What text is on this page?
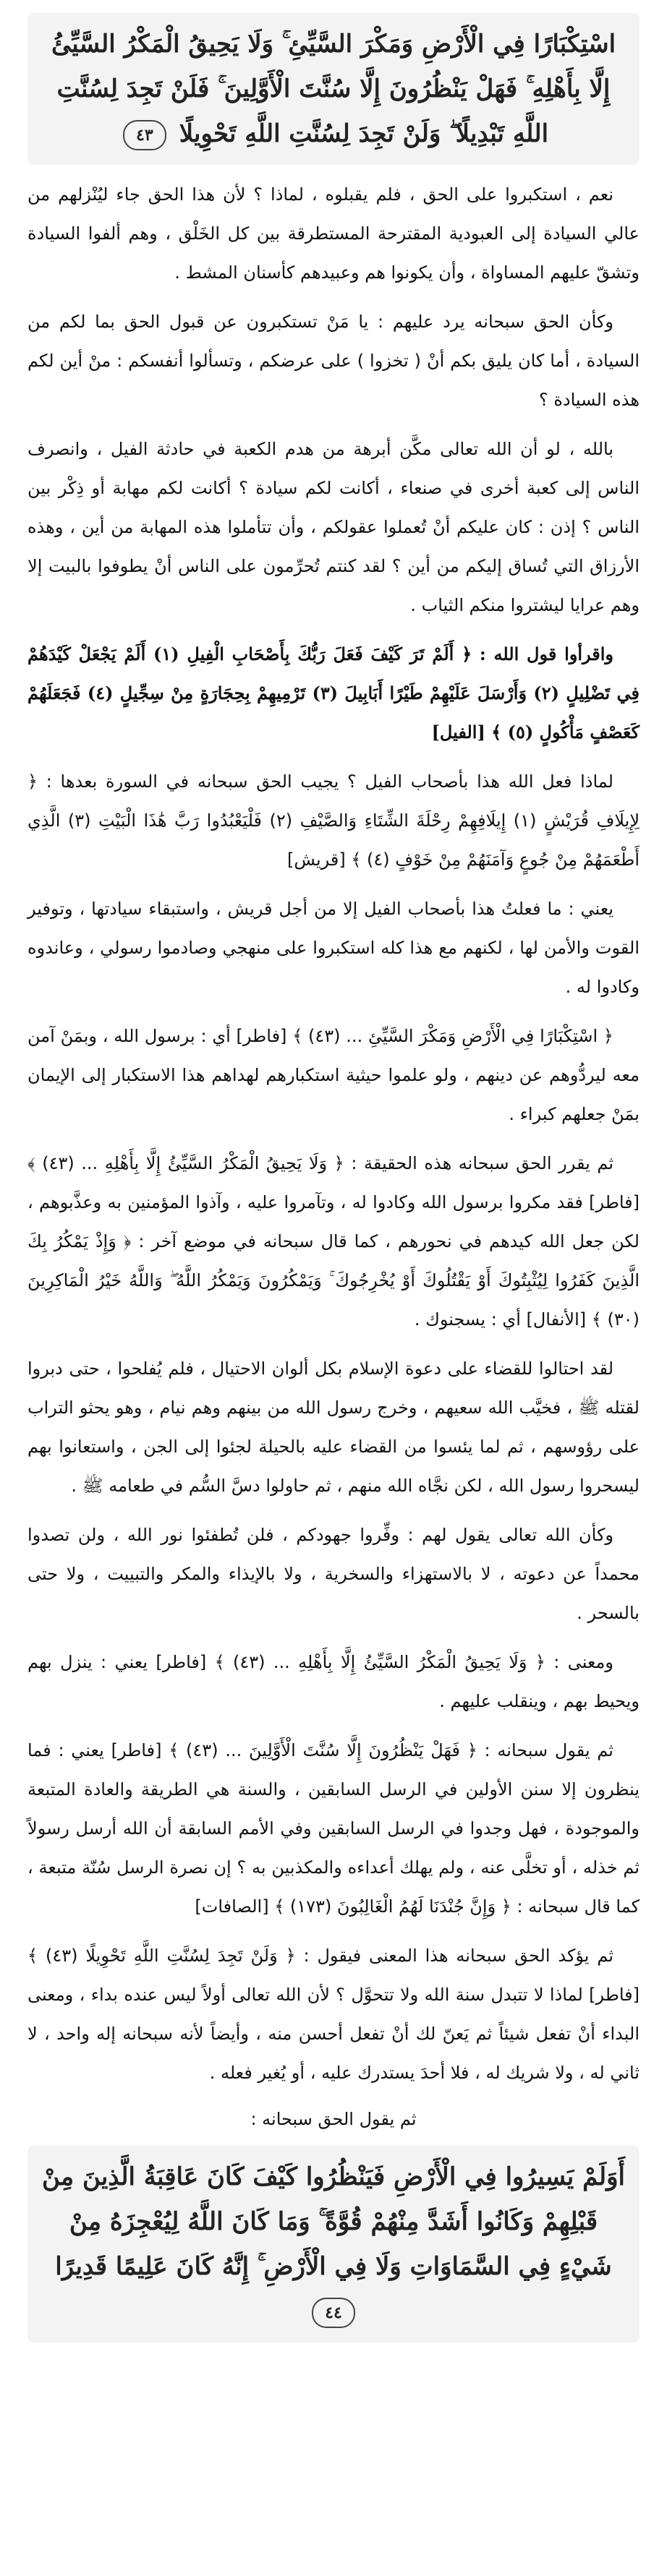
اسْتِكْبَارًا فِي الْأَرْضِ وَمَكْرَ السَّيِّئِ ۚ وَلَا يَحِيقُ الْمَكْرُ السَّيِّئُ إِلَّا بِأَهْلِهِ ۚ فَهَلْ يَنْظُرُونَ إِلَّا سُنَّتَ الْأَوَّلِينَ ۚ فَلَنْ تَجِدَ لِسُنَّتِ اللَّهِ تَبْدِيلًا ۖ وَلَنْ تَجِدَ لِسُنَّتِ اللَّهِ تَحْوِيلًا ٤٣

نعم ، استكبروا على الحق ، فلم يقبلوه ، لماذا ؟ لأن هذا الحق جاء ليُنْزلهم من عالي السيادة إلى العبودية المقترحة المستطرقة بين كل الخَلْق ، وهم ألفوا السيادة وتشقّ عليهم المساواة ، وأن يكونوا هم وعبيدهم كأسنان المشط .

وكأن الحق سبحانه يرد عليهم : يا مَنْ تستكبرون عن قبول الحق بما لكم من السيادة ، أما كان يليق بكم أنْ ( تخزوا ) على عرضكم ، وتسألوا أنفسكم : منْ أين لكم هذه السيادة ؟

بالله ، لو أن الله تعالى مكَّن أبرهة من هدم الكعبة في حادثة الفيل ، وانصرف الناس إلى كعبة أخرى في صنعاء ، أكانت لكم سيادة ؟ أكانت لكم مهابة أو ذِكْر بين الناس ؟ إذن : كان عليكم أنْ تُعملوا عقولكم ، وأن تتأملوا هذه المهابة من أين ، وهذه الأرزاق التي تُساق إليكم من أين ؟ لقد كنتم تُحرِّمون على الناس أنْ يطوفوا بالبيت إلا وهم عرايا ليشتروا منكم الثياب .

واقرأوا قول الله : ﴿ أَلَمْ تَرَ كَيْفَ فَعَلَ رَبُّكَ بِأَصْحَابِ الْفِيلِ (١) أَلَمْ يَجْعَلْ كَيْدَهُمْ فِي تَضْلِيلٍ (٢) وَأَرْسَلَ عَلَيْهِمْ طَيْرًا أَبَابِيلَ (٣) تَرْمِيهِمْ بِحِجَارَةٍ مِنْ سِجِّيلٍ (٤) فَجَعَلَهُمْ كَعَصْفٍ مَأْكُولٍ (٥) ﴾ [الفيل]

لماذا فعل الله هذا بأصحاب الفيل ؟ يجيب الحق سبحانه في السورة بعدها : ﴿ لِإِيلَافِ قُرَيْشٍ (١) إِيلَافِهِمْ رِحْلَةَ الشِّتَاءِ وَالصَّيْفِ (٢) فَلْيَعْبُدُوا رَبَّ هَٰذَا الْبَيْتِ (٣) الَّذِي أَطْعَمَهُمْ مِنْ جُوعٍ وَآمَنَهُمْ مِنْ خَوْفٍ (٤) ﴾ [قريش]

يعني : ما فعلتُ هذا بأصحاب الفيل إلا من أجل قريش ، واستبقاء سيادتها ، وتوفير القوت والأمن لها ، لكنهم مع هذا كله استكبروا على منهجي وصادموا رسولي ، وعاندوه وكادوا له .

﴿ اسْتِكْبَارًا فِي الْأَرْضِ وَمَكْرَ السَّيِّئِ ... (٤٣) ﴾ [فاطر] أي : برسول الله ، وبمَنْ آمن معه ليردُّوهم عن دينهم ، ولو علموا حيثية استكبارهم لهداهم هذا الاستكبار إلى الإيمان بمَنْ جعلهم كبراء .

ثم يقرر الحق سبحانه هذه الحقيقة : ﴿ وَلَا يَحِيقُ الْمَكْرُ السَّيِّئُ إِلَّا بِأَهْلِهِ ... (٤٣) ﴾ [فاطر] فقد مكروا برسول الله وكادوا له ، وتآمروا عليه ، وآذوا المؤمنين به وعذَّبوهم ، لكن جعل الله كيدهم في نحورهم ، كما قال سبحانه في موضع آخر : ﴿ وَإِذْ يَمْكُرُ بِكَ الَّذِينَ كَفَرُوا لِيُثْبِتُوكَ أَوْ يَقْتُلُوكَ أَوْ يُخْرِجُوكَ ۚ وَيَمْكُرُونَ وَيَمْكُرُ اللَّهُ ۖ وَاللَّهُ خَيْرُ الْمَاكِرِينَ (٣٠) ﴾ [الأنفال] أي : يسجنوك .

لقد احتالوا للقضاء على دعوة الإسلام بكل ألوان الاحتيال ، فلم يُفلحوا ، حتى دبروا لقتله ﷺ ، فخيَّب الله سعيهم ، وخرج رسول الله من بينهم وهم نيام ، وهو يحثو التراب على رؤوسهم ، ثم لما يئسوا من القضاء عليه بالحيلة لجئوا إلى الجن ، واستعانوا بهم ليسحروا رسول الله ، لكن نجَّاه الله منهم ، ثم حاولوا دسَّ السُّم في طعامه ﷺ .

وكأن الله تعالى يقول لهم : وفِّروا جهودكم ، فلن تُطفئوا نور الله ، ولن تصدوا محمداً عن دعوته ، لا بالاستهزاء والسخرية ، ولا بالإيذاء والمكر والتبييت ، ولا حتى بالسحر .

ومعنى : ﴿ وَلَا يَحِيقُ الْمَكْرُ السَّيِّئُ إِلَّا بِأَهْلِهِ ... (٤٣) ﴾ [فاطر] يعني : ينزل بهم ويحيط بهم ، وينقلب عليهم .

ثم يقول سبحانه : ﴿ فَهَلْ يَنْظُرُونَ إِلَّا سُنَّتَ الْأَوَّلِينَ ... (٤٣) ﴾ [فاطر] يعني : فما ينظرون إلا سنن الأولين في الرسل السابقين ، والسنة هي الطريقة والعادة المتبعة والموجودة ، فهل وجدوا في الرسل السابقين وفي الأمم السابقة أن الله أرسل رسولاً ثم خذله ، أو تخلَّى عنه ، ولم يهلك أعداءه والمكذبين به ؟ إن نصرة الرسل سُنّة متبعة ، كما قال سبحانه : ﴿ وَإِنَّ جُنْدَنَا لَهُمُ الْغَالِبُونَ (١٧٣) ﴾ [الصافات]

ثم يؤكد الحق سبحانه هذا المعنى فيقول : ﴿ وَلَنْ تَجِدَ لِسُنَّتِ اللَّهِ تَحْوِيلًا (٤٣) ﴾ [فاطر] لماذا لا تتبدل سنة الله ولا تتحوَّل ؟ لأن الله تعالى أولاً ليس عنده بداء ، ومعنى البداء أنْ تفعل شيئاً ثم يَعنّ لك أنْ تفعل أحسن منه ، وأيضاً لأنه سبحانه إله واحد ، لا ثاني له ، ولا شريك له ، فلا أحدَ يستدرك عليه ، أو يُغير فعله .

ثم يقول الحق سبحانه :
أَوَلَمْ يَسِيرُوا فِي الْأَرْضِ فَيَنْظُرُوا كَيْفَ كَانَ عَاقِبَةُ الَّذِينَ مِنْ قَبْلِهِمْ وَكَانُوا أَشَدَّ مِنْهُمْ قُوَّةً ۚ وَمَا كَانَ اللَّهُ لِيُعْجِزَهُ مِنْ شَيْءٍ فِي السَّمَاوَاتِ وَلَا فِي الْأَرْضِ ۚ إِنَّهُ كَانَ عَلِيمًا قَدِيرًا ٤٤
